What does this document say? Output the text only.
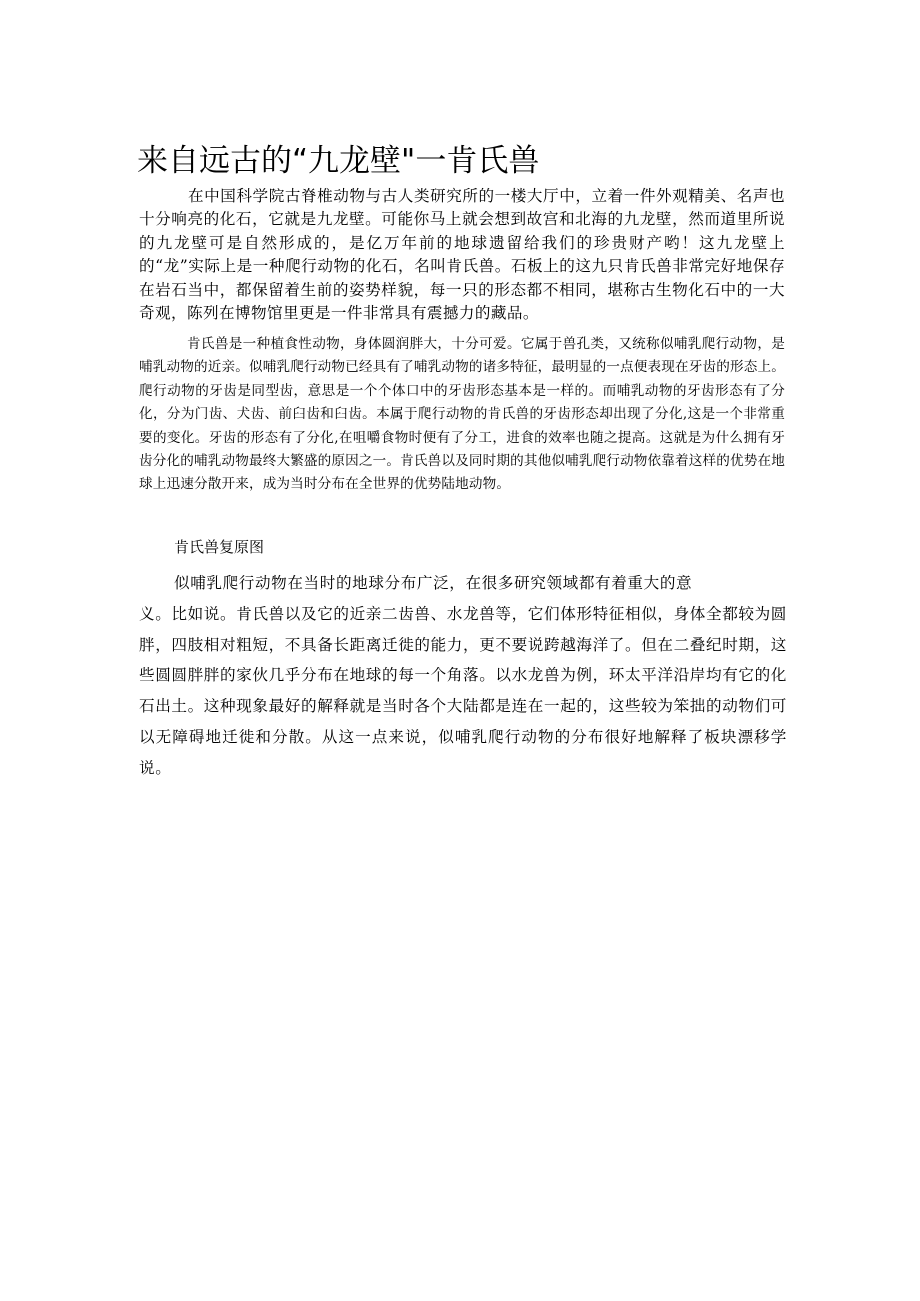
来自远古的“九龙壁"一肯氏兽

在中国科学院古脊椎动物与古人类研究所的一楼大厅中，立着一件外观精美、名声也十分响亮的化石，它就是九龙壁。可能你马上就会想到故宫和北海的九龙壁，然而道里所说的九龙壁可是自然形成的，是亿万年前的地球遗留给我们的珍贵财产哟！这九龙壁上的“龙”实际上是一种爬行动物的化石，名叫肯氏兽。石板上的这九只肯氏兽非常完好地保存在岩石当中，都保留着生前的姿势样貌，每一只的形态都不相同，堪称古生物化石中的一大奇观，陈列在博物馆里更是一件非常具有震撼力的藏品。

肯氏兽是一种植食性动物，身体圆润胖大，十分可爱。它属于兽孔类，又统称似哺乳爬行动物，是哺乳动物的近亲。似哺乳爬行动物已经具有了哺乳动物的诸多特征，最明显的一点便表现在牙齿的形态上。爬行动物的牙齿是同型齿，意思是一个个体口中的牙齿形态基本是一样的。而哺乳动物的牙齿形态有了分化，分为门齿、犬齿、前臼齿和臼齿。本属于爬行动物的肯氏兽的牙齿形态却出现了分化,这是一个非常重要的变化。牙齿的形态有了分化,在咀嚼食物时便有了分工，进食的效率也随之提高。这就是为什么拥有牙齿分化的哺乳动物最终大繁盛的原因之一。肯氏兽以及同时期的其他似哺乳爬行动物依靠着这样的优势在地球上迅速分散开来，成为当时分布在全世界的优势陆地动物。

肯氏兽复原图

似哺乳爬行动物在当时的地球分布广泛，在很多研究领域都有着重大的意
义。比如说。肯氏兽以及它的近亲二齿兽、水龙兽等，它们体形特征相似，身体全都较为圆胖，四肢相对粗短，不具备长距离迁徙的能力，更不要说跨越海洋了。但在二叠纪时期，这些圆圆胖胖的家伙几乎分布在地球的每一个角落。以水龙兽为例，环太平洋沿岸均有它的化石出土。这种现象最好的解释就是当时各个大陆都是连在一起的，这些较为笨拙的动物们可以无障碍地迁徙和分散。从这一点来说，似哺乳爬行动物的分布很好地解释了板块漂移学说。
